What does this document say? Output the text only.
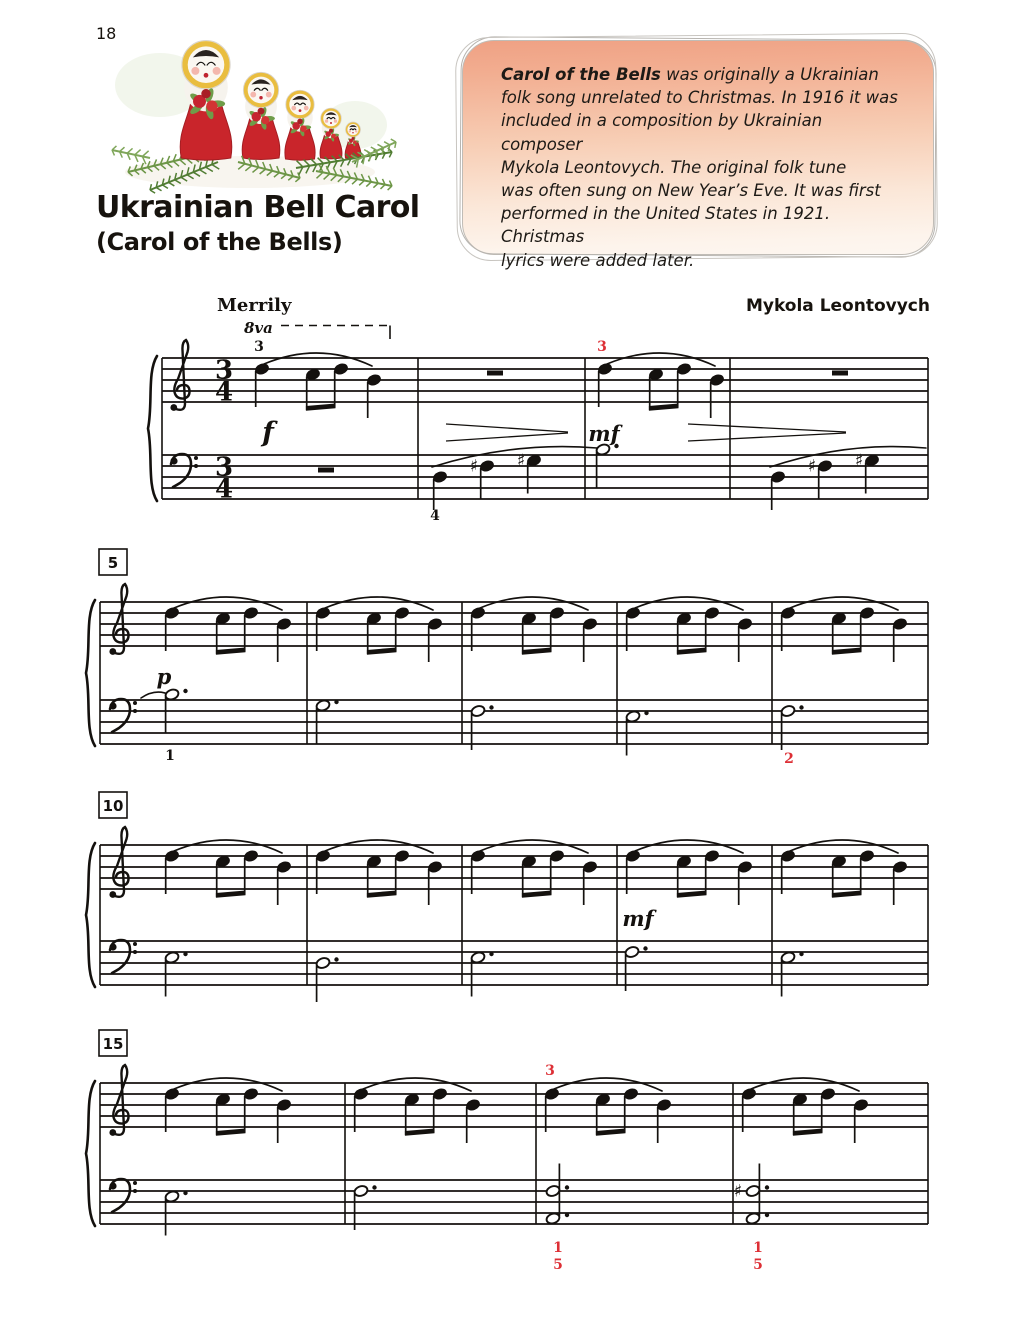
3
4
3
4
Merrily
8va
3	3
f
♯ ♯
4
mf
♯ ♯
5
p
1	2
10
mf
15
3
1
5
♯
1
5
18
Ukrainian Bell Carol
(Carol of the Bells)

Carol of the Bells was originally a Ukrainian
folk song unrelated to Christmas. In 1916 it was
included in a composition by Ukrainian composer
Mykola Leontovych. The original folk tune
was often sung on New Year’s Eve. It was first
performed in the United States in 1921. Christmas
lyrics were added later.

Mykola Leontovych
